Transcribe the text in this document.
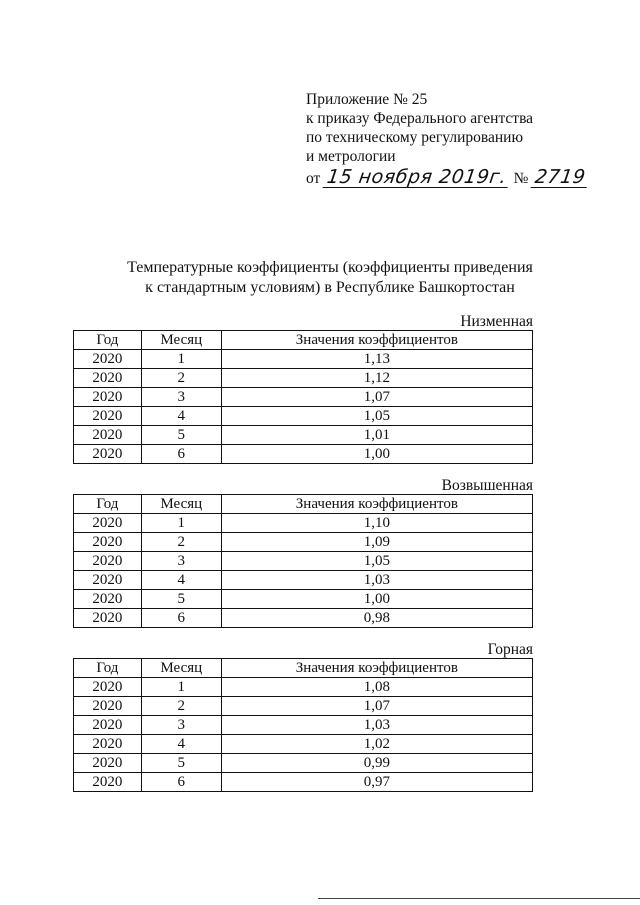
Приложение № 25
к приказу Федерального агентства
по техническому регулированию
и метрологии
от 15 ноября 2019г. № 2719
Температурные коэффициенты (коэффициенты приведения
к стандартным условиям) в Республике Башкортостан
Низменная
Год	Месяц	Значения коэффициентов
2020	1	1,13
2020	2	1,12
2020	3	1,07
2020	4	1,05
2020	5	1,01
2020	6	1,00
Возвышенная
Год	Месяц	Значения коэффициентов
2020	1	1,10
2020	2	1,09
2020	3	1,05
2020	4	1,03
2020	5	1,00
2020	6	0,98
Горная
Год	Месяц	Значения коэффициентов
2020	1	1,08
2020	2	1,07
2020	3	1,03
2020	4	1,02
2020	5	0,99
2020	6	0,97
